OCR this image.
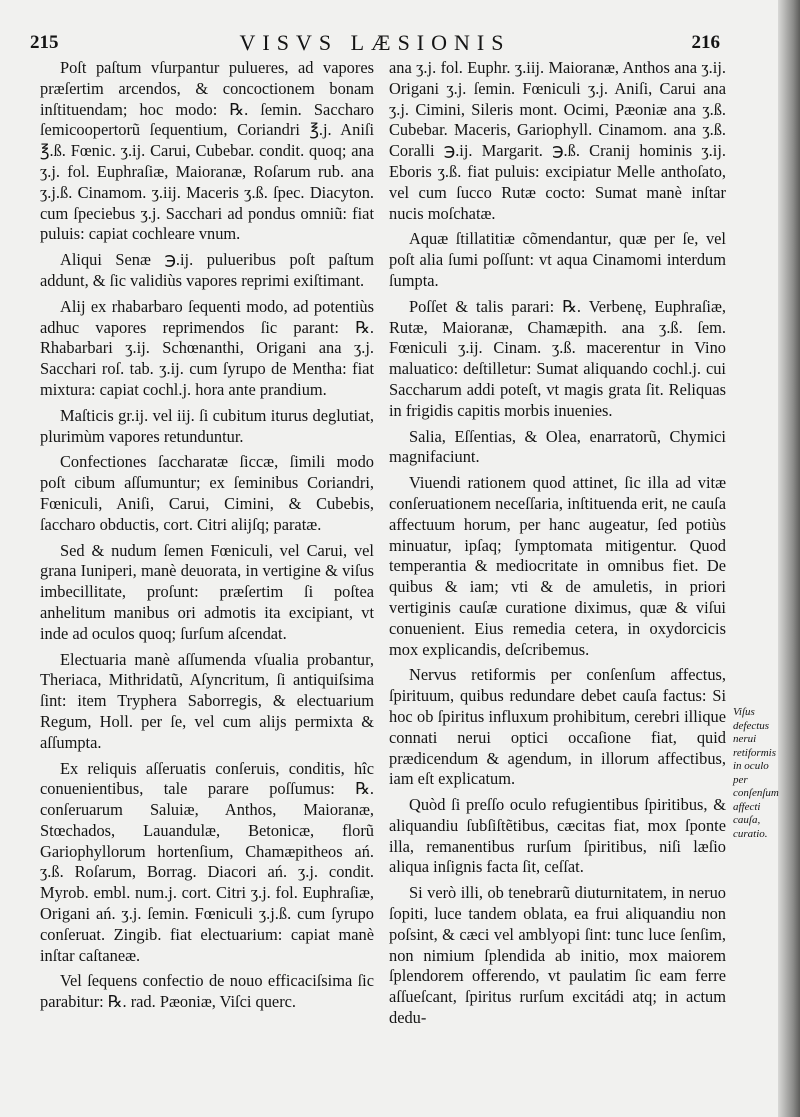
215	VISVS LÆSIONIS	216

Poſt paſtum vſurpantur pulueres, ad vapores præſertim arcendos, & concoctionem bonam inſtituendam; hoc modo: ℞. ſemin. Saccharo ſemicoopertorũ ſequentium, Coriandri ℥.j. Aniſi ℥.ß. Fœnic. ʒ.ij. Carui, Cubebar. condit. quoq; ana ʒ.j. fol. Euphraſiæ, Maioranæ, Roſarum rub. ana ʒ.j.ß. Cinamom. ʒ.iij. Maceris ʒ.ß. ſpec. Diacyton. cum ſpeciebus ʒ.j. Sacchari ad pondus omniũ: fiat puluis: capiat cochleare vnum.

Aliqui Senæ ℈.ij. pulueribus poſt paſtum addunt, & ſic validiùs vapores reprimi exiſtimant.

Alij ex rhabarbaro ſequenti modo, ad potentiùs adhuc vapores reprimendos ſic parant: ℞. Rhabarbari ʒ.ij. Schœnanthi, Origani ana ʒ.j. Sacchari roſ. tab. ʒ.ij. cum ſyrupo de Mentha: fiat mixtura: capiat cochl.j. hora ante prandium.

Maſticis gr.ij. vel iij. ſi cubitum iturus deglutiat, plurimùm vapores retunduntur.

Confectiones ſaccharatæ ſiccæ, ſimili modo poſt cibum aſſumuntur; ex ſeminibus Coriandri, Fœniculi, Aniſi, Carui, Cimini, & Cubebis, ſaccharo obductis, cort. Citri alijſq; paratæ.

Sed & nudum ſemen Fœniculi, vel Carui, vel grana Iuniperi, manè deuorata, in vertigine & viſus imbecillitate, proſunt: præſertim ſi poſtea anhelitum manibus ori admotis ita excipiant, vt inde ad oculos quoq; ſurſum aſcendat.

Electuaria manè aſſumenda vſualia probantur, Theriaca, Mithridatũ, Aſyncritum, ſi antiquiſsima ſint: item Tryphera Saborregis, & electuarium Regum, Holl. per ſe, vel cum alijs permixta & aſſumpta.

Ex reliquis aſſeruatis conſeruis, conditis, hîc conuenientibus, tale parare poſſumus: ℞. conſeruarum Saluiæ, Anthos, Maioranæ, Stœchados, Lauandulæ, Betonicæ, florũ Gariophyllorum hortenſium, Chamæpitheos ań. ʒ.ß. Roſarum, Borrag. Diacori ań. ʒ.j. condit. Myrob. embl. num.j. cort. Citri ʒ.j. fol. Euphraſiæ, Origani ań. ʒ.j. ſemin. Fœniculi ʒ.j.ß. cum ſyrupo conſeruat. Zingib. fiat electuarium: capiat manè inſtar caſtaneæ.

Vel ſequens confectio de nouo efficaciſsima ſic parabitur: ℞. rad. Pæoniæ, Viſci querc.

ana ʒ.j. fol. Euphr. ʒ.iij. Maioranæ, Anthos ana ʒ.ij. Origani ʒ.j. ſemin. Fœniculi ʒ.j. Aniſi, Carui ana ʒ.j. Cimini, Sileris mont. Ocimi, Pæoniæ ana ʒ.ß. Cubebar. Maceris, Gariophyll. Cinamom. ana ʒ.ß. Coralli ℈.ij. Margarit. ℈.ß. Cranij hominis ʒ.ij. Eboris ʒ.ß. fiat puluis: excipiatur Melle anthoſato, vel cum ſucco Rutæ cocto: Sumat manè inſtar nucis moſchatæ.

Aquæ ſtillatitiæ cõmendantur, quæ per ſe, vel poſt alia ſumi poſſunt: vt aqua Cinamomi interdum ſumpta.

Poſſet & talis parari: ℞. Verbenę, Euphraſiæ, Rutæ, Maioranæ, Chamæpith. ana ʒ.ß. ſem. Fœniculi ʒ.ij. Cinam. ʒ.ß. macerentur in Vino maluatico: deſtilletur: Sumat aliquando cochl.j. cui Saccharum addi poteſt, vt magis grata ſit. Reliquas in frigidis capitis morbis inuenies.

Salia, Eſſentias, & Olea, enarratorũ, Chymici magnifaciunt.

Viuendi rationem quod attinet, ſic illa ad vitæ conſeruationem neceſſaria, inſtituenda erit, ne cauſa affectuum horum, per hanc augeatur, ſed potiùs minuatur, ipſaq; ſymptomata mitigentur. Quod temperantia & mediocritate in omnibus fiet. De quibus & iam; vti & de amuletis, in priori vertiginis cauſæ curatione diximus, quæ & viſui conuenient. Eius remedia cetera, in oxydorcicis mox explicandis, deſcribemus.

Nervus retiformis per conſenſum affectus, ſpirituum, quibus redundare debet cauſa factus: Si hoc ob ſpiritus influxum prohibitum, cerebri illique connati nerui optici occaſione fiat, quid prædicendum & agendum, in illorum affectibus, iam eſt explicatum.

Quòd ſi preſſo oculo refugientibus ſpiritibus, & aliquandiu ſubſiſtẽtibus, cæcitas fiat, mox ſponte illa, remanentibus rurſum ſpiritibus, niſi læſio aliqua inſignis facta ſit, ceſſat.

Si verò illi, ob tenebrarũ diuturnitatem, in neruo ſopiti, luce tandem oblata, ea frui aliquandiu non poſsint, & cæci vel amblyopi ſint: tunc luce ſenſim, non nimium ſplendida ab initio, mox maiorem ſplendorem offerendo, vt paulatim ſic eam ferre aſſueſcant, ſpiritus rurſum excitádi atq; in actum dedu-

Viſus defectus nerui retiformis in oculo per conſenſum affecti cauſa, curatio.
